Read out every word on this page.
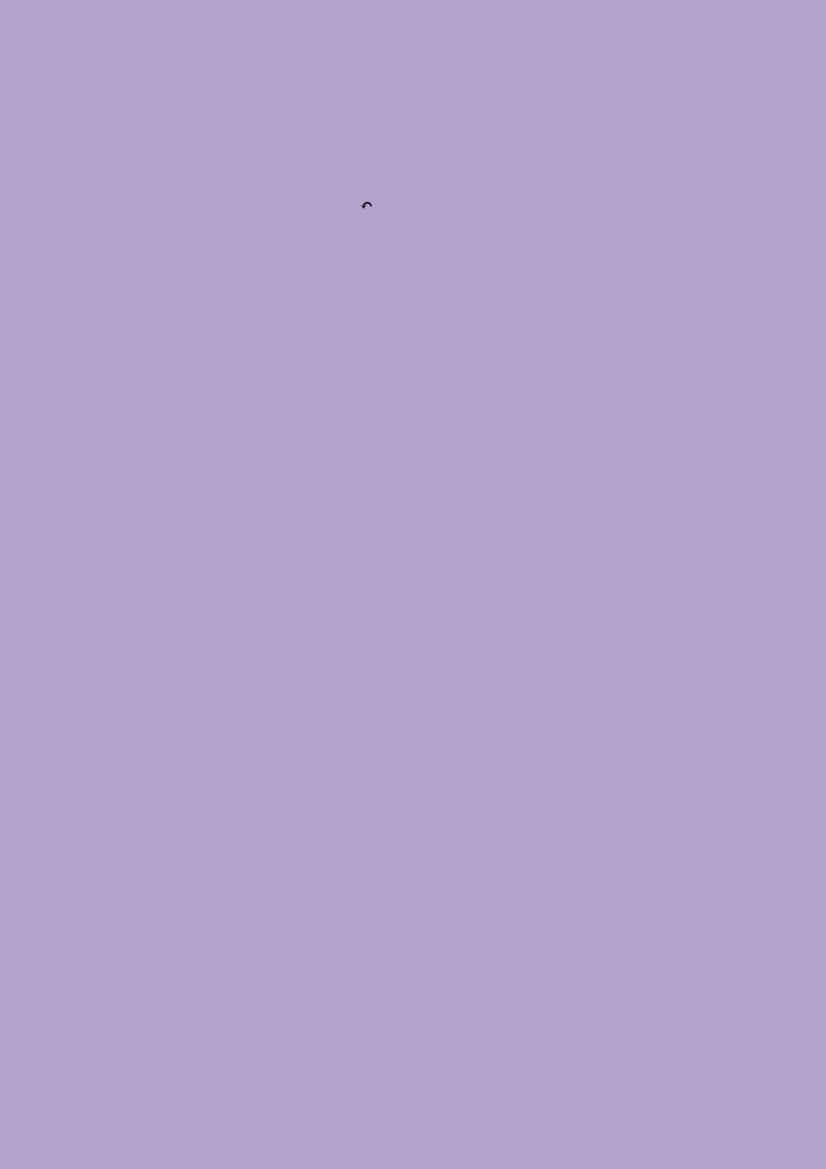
↶
